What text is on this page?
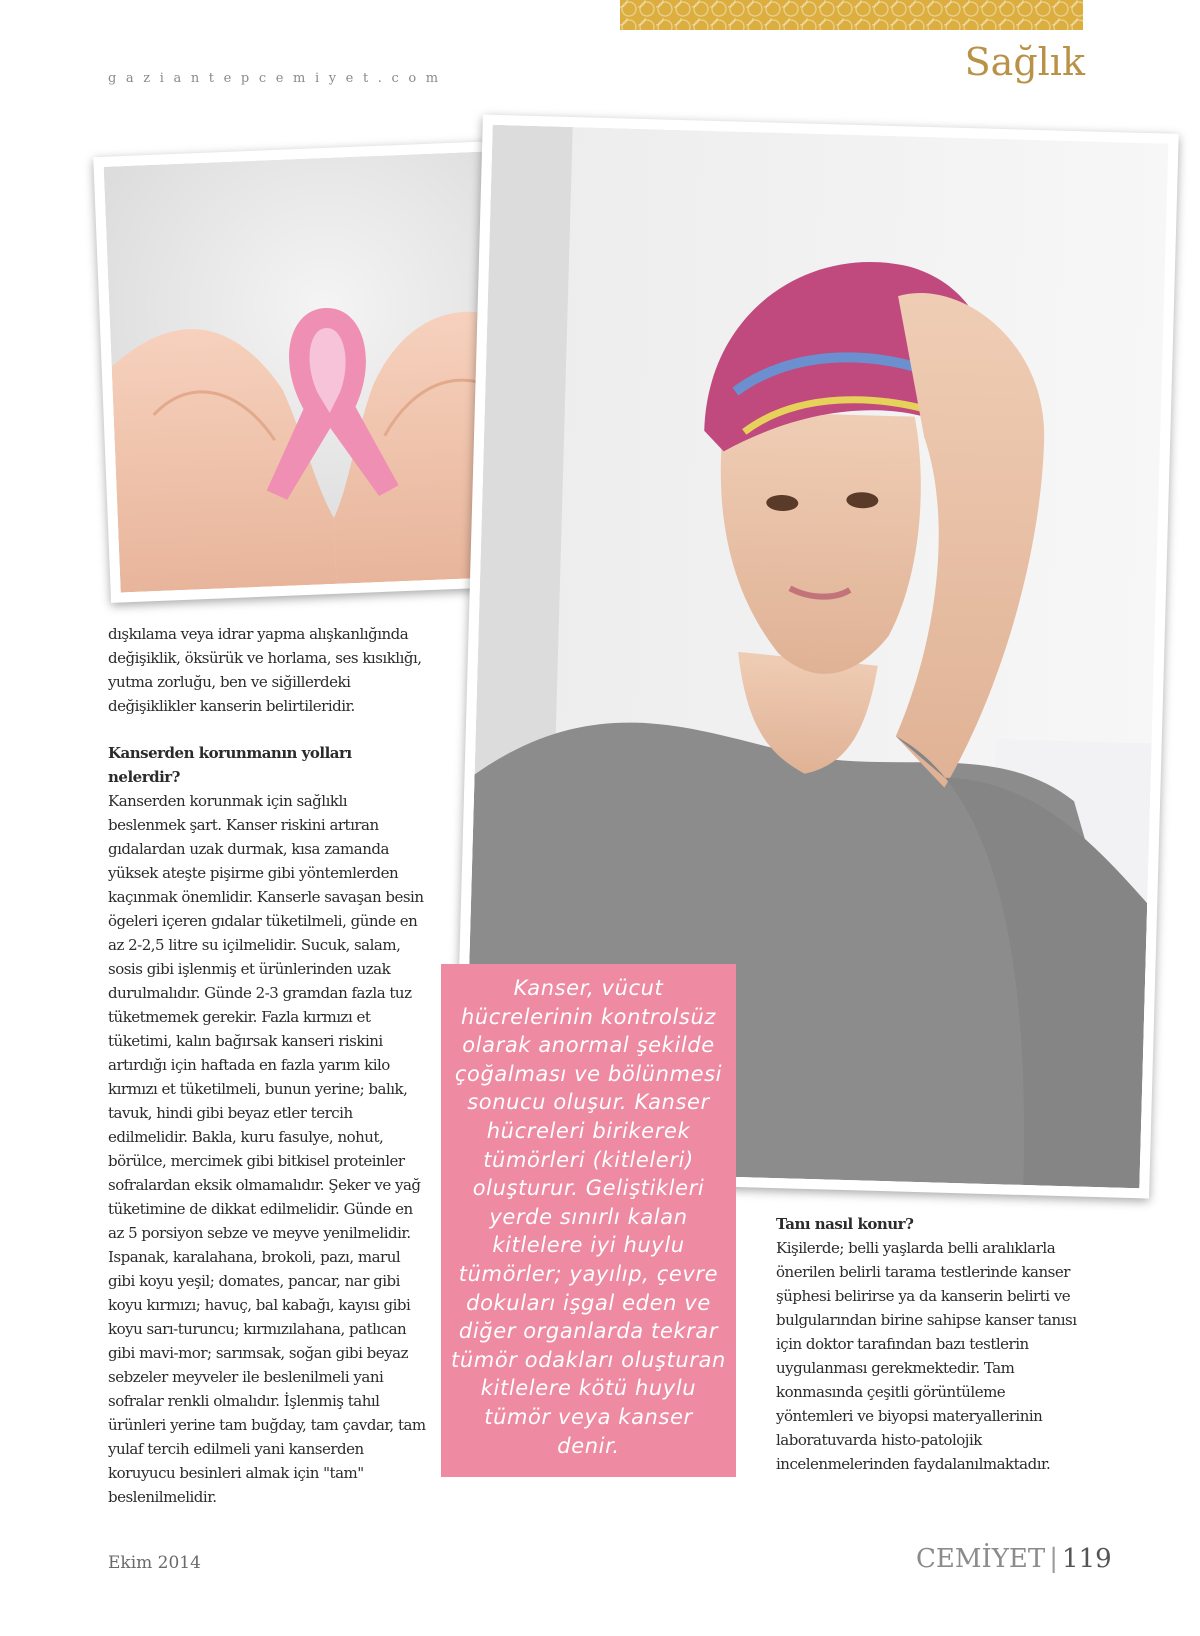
gaziantepcemiyet.com	Sağlık

dışkılama veya idrar yapma alışkanlığında değişiklik, öksürük ve horlama, ses kısıklığı, yutma zorluğu, ben ve siğillerdeki değişiklikler kanserin belirtileridir.

Kanserden korunmanın yolları nelerdir?

Kanserden korunmak için sağlıklı beslenmek şart. Kanser riskini artıran gıdalardan uzak durmak, kısa zamanda yüksek ateşte pişirme gibi yöntemlerden kaçınmak önemlidir. Kanserle savaşan besin ögeleri içeren gıdalar tüketilmeli, günde en az 2-2,5 litre su içilmelidir. Sucuk, salam, sosis gibi işlenmiş et ürünlerinden uzak durulmalıdır. Günde 2-3 gramdan fazla tuz tüketmemek gerekir. Fazla kırmızı et tüketimi, kalın bağırsak kanseri riskini artırdığı için haftada en fazla yarım kilo kırmızı et tüketilmeli, bunun yerine; balık, tavuk, hindi gibi beyaz etler tercih edilmelidir. Bakla, kuru fasulye, nohut, börülce, mercimek gibi bitkisel proteinler sofralardan eksik olmamalıdır. Şeker ve yağ tüketimine de dikkat edilmelidir. Günde en az 5 porsiyon sebze ve meyve yenilmelidir. Ispanak, karalahana, brokoli, pazı, marul gibi koyu yeşil; domates, pancar, nar gibi koyu kırmızı; havuç, bal kabağı, kayısı gibi koyu sarı-turuncu; kırmızılahana, patlıcan gibi mavi-mor; sarımsak, soğan gibi beyaz sebzeler meyveler ile beslenilmeli yani sofralar renkli olmalıdır. İşlenmiş tahıl ürünleri yerine tam buğday, tam çavdar, tam yulaf tercih edilmeli yani kanserden koruyucu besinleri almak için "tam" beslenilmelidir.

Kanser, vücut hücrelerinin kontrolsüz olarak anormal şekilde çoğalması ve bölünmesi sonucu oluşur. Kanser hücreleri birikerek tümörleri (kitleleri) oluşturur. Geliştikleri yerde sınırlı kalan kitlelere iyi huylu tümörler; yayılıp, çevre dokuları işgal eden ve diğer organlarda tekrar tümör odakları oluşturan kitlelere kötü huylu tümör veya kanser denir.

Tanı nasıl konur?

Kişilerde; belli yaşlarda belli aralıklarla önerilen belirli tarama testlerinde kanser şüphesi belirirse ya da kanserin belirti ve bulgularından birine sahipse kanser tanısı için doktor tarafından bazı testlerin uygulanması gerekmektedir. Tam konmasında çeşitli görüntüleme yöntemleri ve biyopsi materyallerinin laboratuvarda histo-patolojik incelenmelerinden faydalanılmaktadır.

Ekim 2014	CEMİYET | 119
